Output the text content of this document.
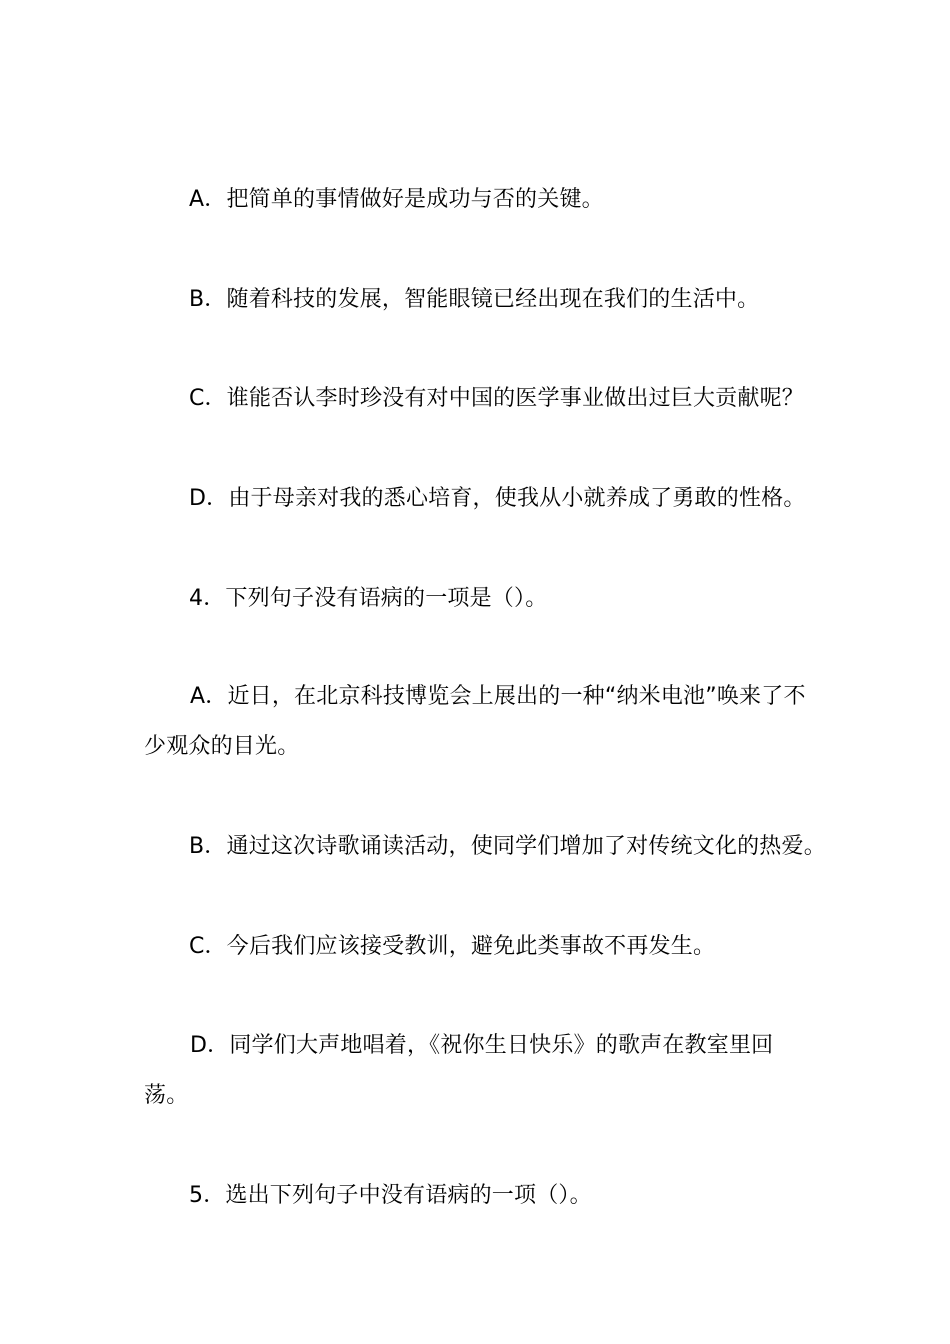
A．把简单的事情做好是成功与否的关键。
B．随着科技的发展，智能眼镜已经出现在我们的生活中。
C．谁能否认李时珍没有对中国的医学事业做出过巨大贡献呢？
D．由于母亲对我的悉心培育，使我从小就养成了勇敢的性格。
4．下列句子没有语病的一项是（）。
A．近日，在北京科技博览会上展出的一种“纳米电池”唤来了不少观众的目光。
B．通过这次诗歌诵读活动，使同学们增加了对传统文化的热爱。
C．今后我们应该接受教训，避免此类事故不再发生。
D．同学们大声地唱着，《祝你生日快乐》的歌声在教室里回荡。
5．选出下列句子中没有语病的一项（）。
